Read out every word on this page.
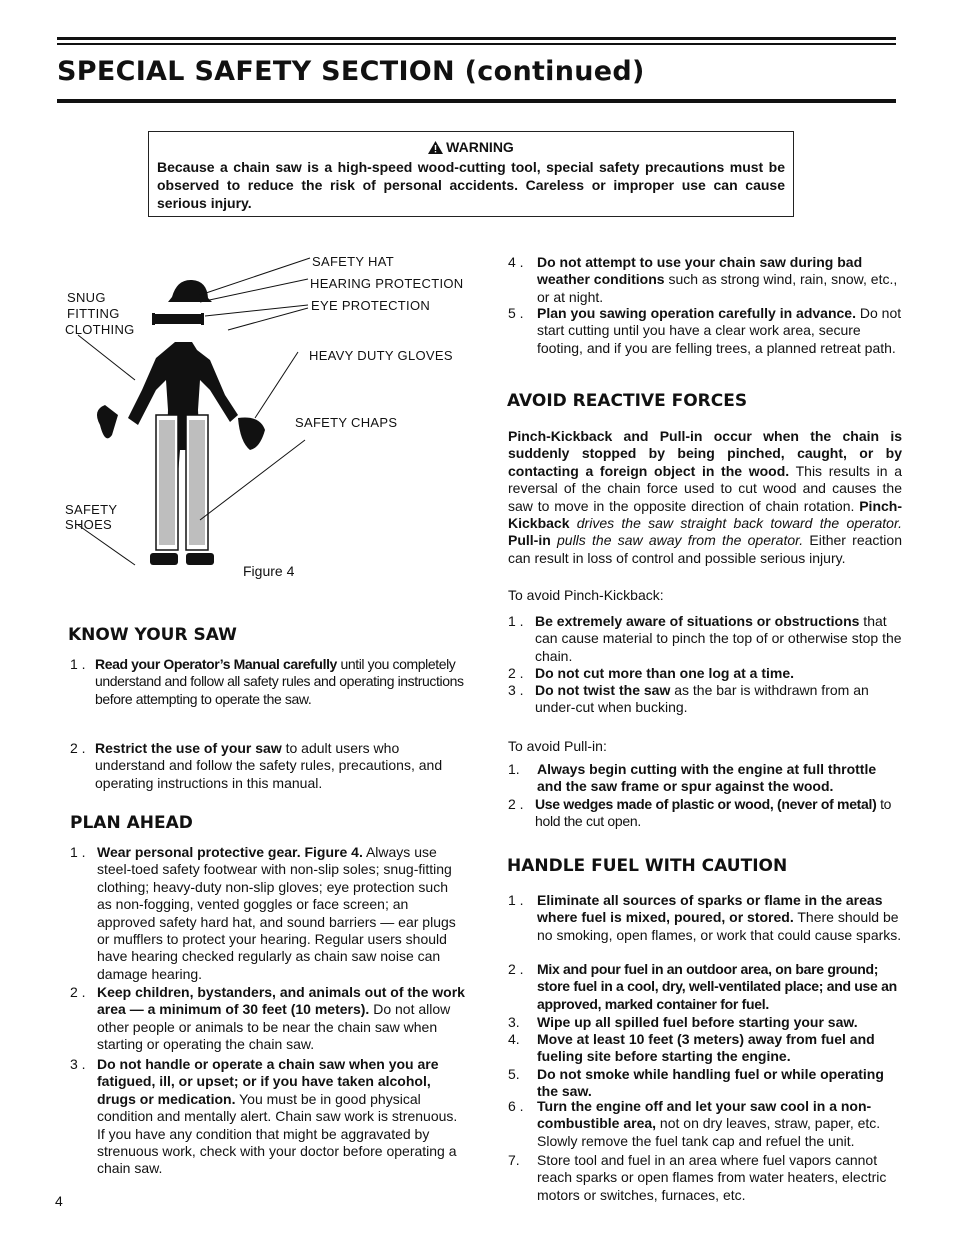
SPECIAL SAFETY SECTION (continued)
WARNING
Because a chain saw is a high-speed wood-cutting tool, special safety precautions must be observed to reduce the risk of personal accidents. Careless or improper use can cause serious injury.
SAFETY HAT
HEARING PROTECTION
EYE PROTECTION
HEAVY DUTY GLOVES
SAFETY CHAPS
SNUG
FITTING
CLOTHING
SAFETY
SHOES
Figure 4
KNOW YOUR SAW
1 . Read your Operator’s Manual carefully until you completely understand and follow all safety rules and operating instructions before attempting to operate the saw.
2 . Restrict the use of your saw to adult users who understand and follow the safety rules, precautions, and operating instructions in this manual.
PLAN AHEAD
1 . Wear personal protective gear. Figure 4. Always use steel-toed safety footwear with non-slip soles; snug-fitting clothing; heavy-duty non-slip gloves; eye protection such as non-fogging, vented goggles or face screen; an approved safety hard hat, and sound barriers — ear plugs or mufflers to protect your hearing. Regular users should have hearing checked regularly as chain saw noise can damage hearing.
2 . Keep children, bystanders, and animals out of the work area — a minimum of 30 feet (10 meters). Do not allow other people or animals to be near the chain saw when starting or operating the chain saw.
3 . Do not handle or operate a chain saw when you are fatigued, ill, or upset; or if you have taken alcohol, drugs or medication. You must be in good physical condition and mentally alert. Chain saw work is strenuous. If you have any condition that might be aggravated by strenuous work, check with your doctor before operating a chain saw.
4 . Do not attempt to use your chain saw during bad weather conditions such as strong wind, rain, snow, etc., or at night.
5 . Plan you sawing operation carefully in advance. Do not start cutting until you have a clear work area, secure footing, and if you are felling trees, a planned retreat path.
AVOID REACTIVE FORCES
Pinch-Kickback and Pull-in occur when the chain is suddenly stopped by being pinched, caught, or by contacting a foreign object in the wood. This results in a reversal of the chain force used to cut wood and causes the saw to move in the opposite direction of chain rotation. Pinch-Kickback drives the saw straight back toward the operator. Pull-in pulls the saw away from the operator. Either reaction can result in loss of control and possible serious injury.
To avoid Pinch-Kickback:
1 . Be extremely aware of situations or obstructions that can cause material to pinch the top of or otherwise stop the chain.
2 . Do not cut more than one log at a time.
3 . Do not twist the saw as the bar is withdrawn from an under-cut when bucking.
To avoid Pull-in:
1. Always begin cutting with the engine at full throttle and the saw frame or spur against the wood.
2 . Use wedges made of plastic or wood, (never of metal) to hold the cut open.
HANDLE FUEL WITH CAUTION
1 . Eliminate all sources of sparks or flame in the areas where fuel is mixed, poured, or stored. There should be no smoking, open flames, or work that could cause sparks.
2 . Mix and pour fuel in an outdoor area, on bare ground; store fuel in a cool, dry, well-ventilated place; and use an approved, marked container for fuel.
3. Wipe up all spilled fuel before starting your saw.
4. Move at least 10 feet (3 meters) away from fuel and fueling site before starting the engine.
5. Do not smoke while handling fuel or while operating the saw.
6 . Turn the engine off and let your saw cool in a non-combustible area, not on dry leaves, straw, paper, etc. Slowly remove the fuel tank cap and refuel the unit.
7. Store tool and fuel in an area where fuel vapors cannot reach sparks or open flames from water heaters, electric motors or switches, furnaces, etc.
4
